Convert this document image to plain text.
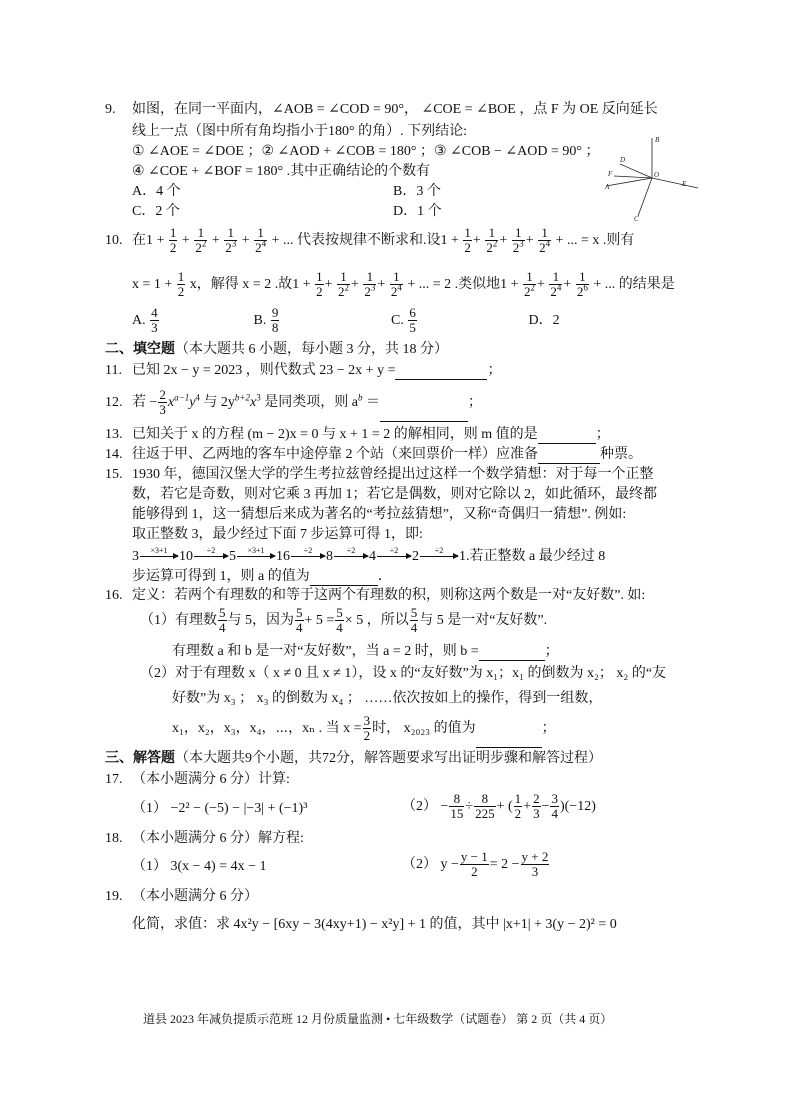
9. 如图，在同一平面内，∠AOB = ∠COD = 90°， ∠COE = ∠BOE ，点 F 为 OE 反向延长
线上一点（图中所有角均指小于180° 的角）. 下列结论:
① ∠AOE = ∠DOE ；② ∠AOD + ∠COB = 180° ；③ ∠COB − ∠AOD = 90° ；
④ ∠COE + ∠BOF = 180° .其中正确结论的个数有
A．4 个	B．3 个
C．2 个	D．1 个
B
D
F
A
O
E
C
10. 在$1 + \frac{1}{2} + \frac{1}{2^2} + \frac{1}{2^3} + \frac{1}{2^4}$ + ... 代表按规律不断求和.设$1 + \frac{1}{2} + \frac{1}{2^2} + \frac{1}{2^3} + \frac{1}{2^4}$ + ... = x .则有
$x = 1 + \frac{1}{2}$ x，解得 x = 2 .故$1 + \frac{1}{2} + \frac{1}{2^2} + \frac{1}{2^3} + \frac{1}{2^4}$ + ... = 2 .类似地$1 + \frac{1}{2^2} + \frac{1}{2^4} + \frac{1}{2^6}$ + ... 的结果是
A. $\frac{4}{3}$	B. $\frac{9}{8}$	C. $\frac{6}{5}$	D．2
二、填空题（本大题共 6 小题，每小题 3 分，共 18 分）
11. 已知 2x − y = 2023 ，则代数式 23 − 2x + y =	；
12. 若 − $\frac{2}{3} x^{a-1}y^4$ 与 $2y^{b+2}x^3$ 是同类项，则 $a^b$ ＝	；
13. 已知关于 x 的方程 (m − 2)x = 0 与 x + 1 = 2 的解相同，则 m 值的是	；
14. 往返于甲、乙两地的客车中途停靠 2 个站（来回票价一样）应准备	种票。
15. 1930 年，德国汉堡大学的学生考拉兹曾经提出过这样一个数学猜想：对于每一个正整
数，若它是奇数，则对它乘 3 再加 1；若它是偶数，则对它除以 2，如此循环，最终都
能够得到 1，这一猜想后来成为著名的“考拉兹猜想”，又称“奇偶归一猜想”. 例如:
取正整数 3，最少经过下面 7 步运算可得 1，即:
3	×3+1 10	÷2 5	×3+1 16	÷2 8	÷2 4	÷2 2	÷2	1.若正整数 a 最少经过 8
步运算可得到 1，则 a 的值为	．
16. 定义：若两个有理数的和等于这两个有理数的积，则称这两个数是一对“友好数”. 如:
（1）有理数 $\frac{5}{4}$ 与 5，因为 $\frac{5}{4} + 5 = \frac{5}{4} \times 5$ ，所以 $\frac{5}{4}$ 与 5 是一对“友好数”.
有理数 a 和 b 是一对“友好数”，当 a = 2 时，则 b =	；
（2）对于有理数 x（ x ≠ 0 且 x ≠ 1），设 x 的“友好数”为 x₁；x₁ 的倒数为 x₂； x₂ 的“友
好数”为 x₃ ； x₃ 的倒数为 x₄ ； ……依次按如上的操作，得到一组数，
x₁，x₂，x₃，x₄，⋯，xₙ . 当 $x = \frac{3}{2}$ 时， x₂₀₂₃ 的值为	；
三、解答题（本大题共9个小题，共72分，解答题要求写出证明步骤和解答过程）
17. （本小题满分 6 分）计算:
（1） −2² − (−5) − |−3| + (−1)³	$(2) - \frac{8}{15} \div \frac{8}{225}$ + ( $\frac{1}{2} + \frac{2}{3} - \frac{3}{4} )(-12)$
18. （本小题满分 6 分）解方程:
（1） 3(x − 4) = 4x − 1	（2） $y - \frac{y - 1}{2} = 2 - \frac{y + 2}{3}$
19. （本小题满分 6 分）
化简，求值：求 4x²y − [6xy − 3(4xy+1) − x²y] + 1 的值，其中 |x+1| + 3(y − 2)² = 0
道县 2023 年减负提质示范班 12 月份质量监测 • 七年级数学（试题卷） 第 2 页（共 4 页）
